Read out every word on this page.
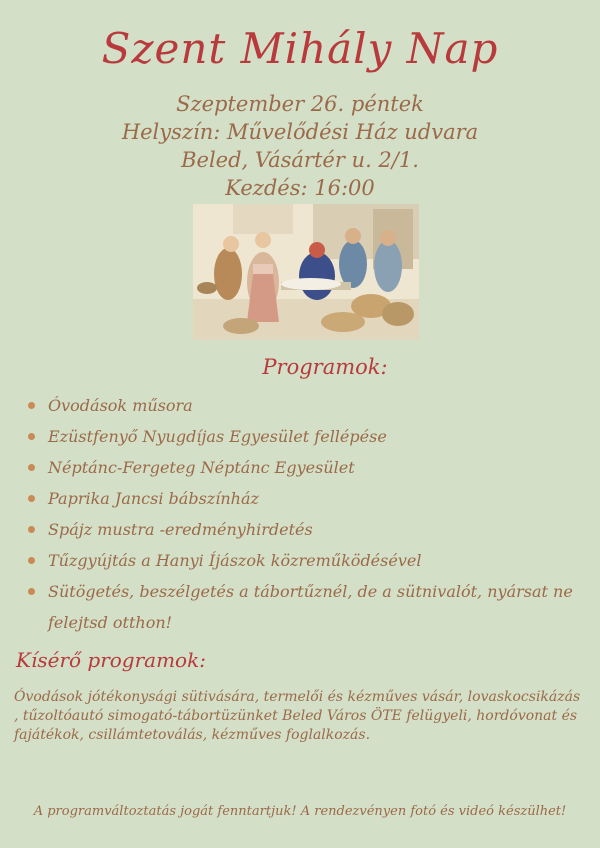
Szent Mihály Nap
Szeptember 26. péntek
Helyszín: Művelődési Ház udvara
Beled, Vásártér u. 2/1.
Kezdés: 16:00
Programok:
Óvodások műsora
Ezüstfenyő Nyugdíjas Egyesület fellépése
Néptánc-Fergeteg Néptánc Egyesület
Paprika Jancsi bábszínház
Spájz mustra -eredményhirdetés
Tűzgyújtás a Hanyi Íjászok közreműködésével
Sütögetés, beszélgetés a tábortűznél, de a sütnivalót, nyársat ne felejtsd otthon!
Kísérő programok:
Óvodások jótékonysági sütivására, termelői és kézműves vásár, lovaskocsikázás , tűzoltóautó simogató-tábortüzünket Beled Város ÖTE felügyeli, hordóvonat és fajátékok, csillámtetoválás, kézműves foglalkozás.
A programváltoztatás jogát fenntartjuk! A rendezvényen fotó és videó készülhet!
